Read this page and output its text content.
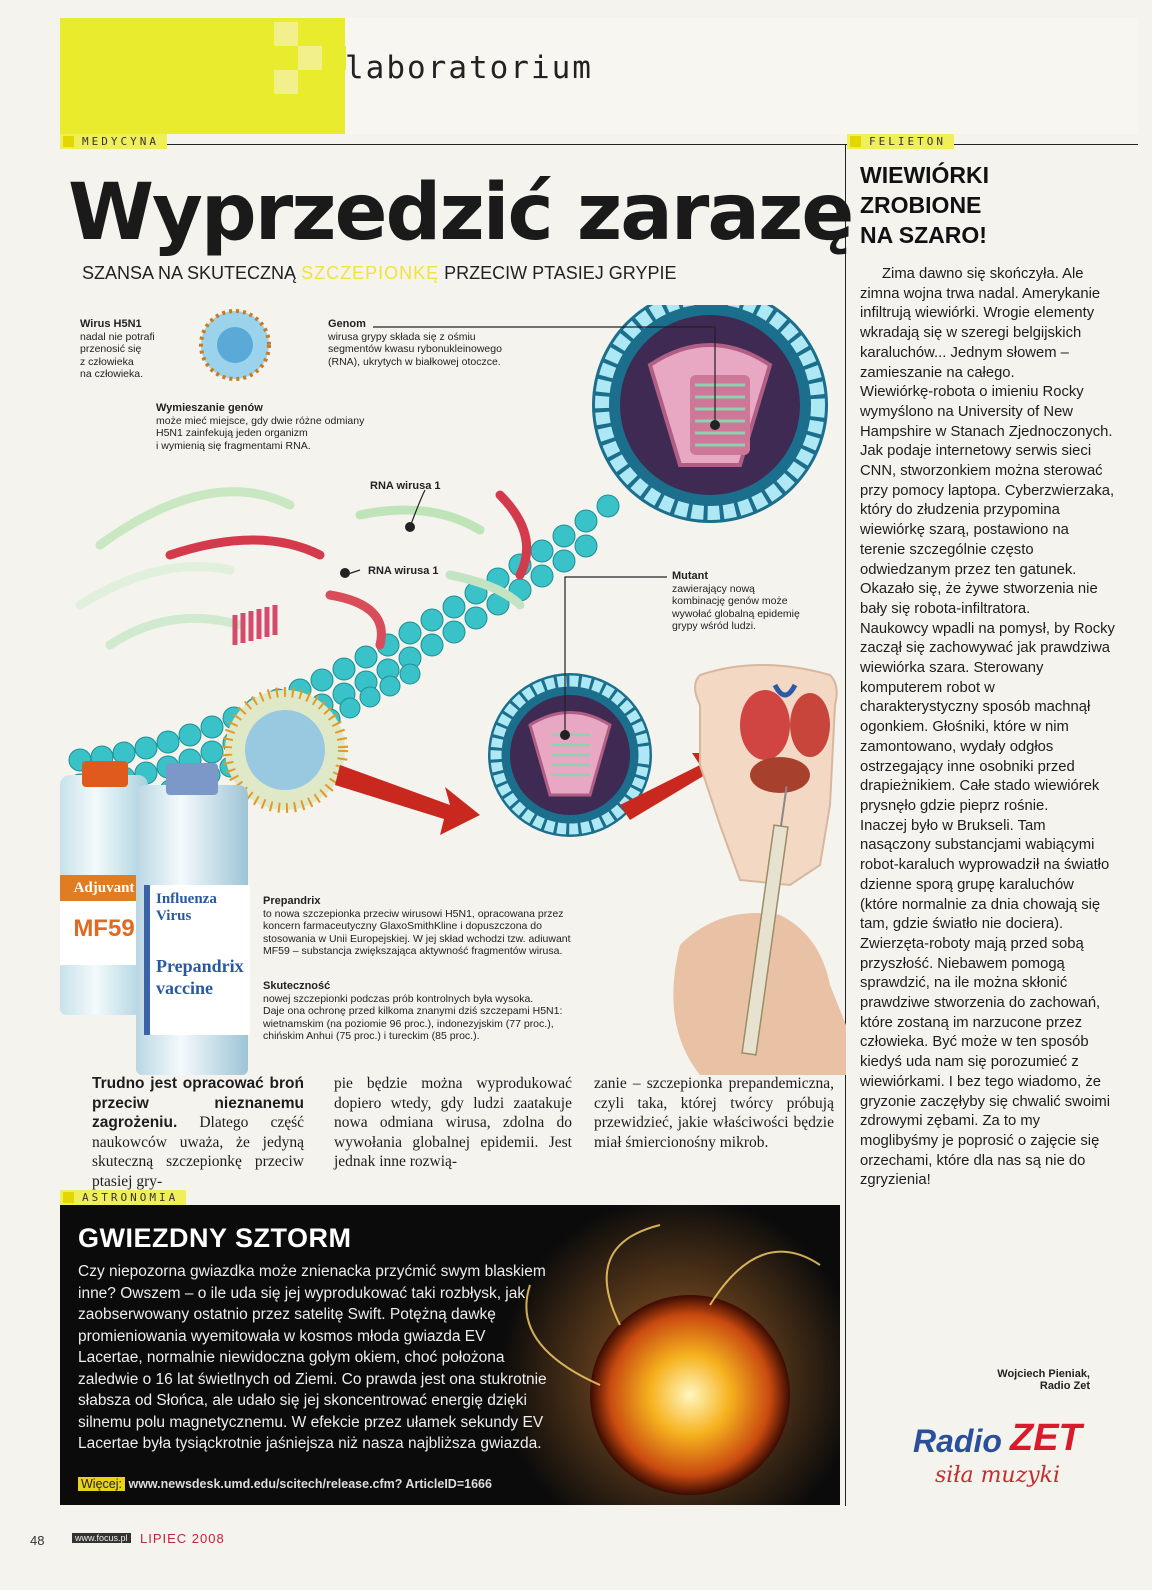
laboratorium
MEDYCYNA
Wyprzedzić zarazę
SZANSA NA SKUTECZNĄ SZCZEPIONKĘ PRZECIW PTASIEJ GRYPIE
Adjuvant
MF59
Influenza
Virus
Prepandrix
vaccine
Wirus H5N1
nadal nie potrafi
przenosić się
z człowieka
na człowieka.
Genom
wirusa grypy składa się z ośmiu
segmentów kwasu rybonukleinowego
(RNA), ukrytych w białkowej otoczce.
Wymieszanie genów
może mieć miejsce, gdy dwie różne odmiany
H5N1 zainfekują jeden organizm
i wymienią się fragmentami RNA.
RNA wirusa 1
RNA wirusa 1	Mutant
zawierający nową
kombinację genów może
wywołać globalną epidemię
grypy wśród ludzi.
Prepandrix
to nowa szczepionka przeciw wirusowi H5N1, opracowana przez
koncern farmaceutyczny GlaxoSmithKline i dopuszczona do
stosowania w Unii Europejskiej. W jej skład wchodzi tzw. adiuwant
MF59 – substancja zwiększająca aktywność fragmentów wirusa.
Skuteczność
nowej szczepionki podczas prób kontrolnych była wysoka.
Daje ona ochronę przed kilkoma znanymi dziś szczepami H5N1:
wietnamskim (na poziomie 96 proc.), indonezyjskim (77 proc.),
chińskim Anhui (75 proc.) i tureckim (85 proc.).
Trudno jest opracować broń przeciw nieznanemu zagrożeniu. Dlatego część naukowców uważa, że jedyną skuteczną szczepionkę przeciw ptasiej gry-
pie będzie można wyprodukować dopiero wtedy, gdy ludzi zaatakuje nowa odmiana wirusa, zdolna do wywołania globalnej epidemii. Jest jednak inne rozwią-
zanie – szczepionka prepandemiczna, czyli taka, której twórcy próbują przewidzieć, jakie właściwości będzie miał śmiercionośny mikrob.
ASTRONOMIA
GWIEZDNY SZTORM
Czy niepozorna gwiazdka może znienacka przyćmić swym blaskiem inne? Owszem – o ile uda się jej wyprodukować taki rozbłysk, jak zaobserwowany ostatnio przez satelitę Swift. Potężną dawkę promieniowania wyemitowała w kosmos młoda gwiazda EV Lacertae, normalnie niewidoczna gołym okiem, choć położona zaledwie o 16 lat świetlnych od Ziemi. Co prawda jest ona stukrotnie słabsza od Słońca, ale udało się jej skoncentrować energię dzięki silnemu polu magnetycznemu. W efekcie przez ułamek sekundy EV Lacertae była tysiąckrotnie jaśniejsza niż nasza najbliższa gwiazda.
Więcej: www.newsdesk.umd.edu/scitech/release.cfm? ArticleID=1666
FELIETON
WIEWIÓRKI
ZROBIONE
NA SZARO!

Zima dawno się skończyła. Ale zimna wojna trwa nadal. Amerykanie infiltrują wiewiórki. Wrogie elementy wkradają się w szeregi belgijskich karaluchów... Jednym słowem – zamieszanie na całego.

Wiewiórkę-robota o imieniu Rocky wymyślono na University of New Hampshire w Stanach Zjednoczonych. Jak podaje internetowy serwis sieci CNN, stworzonkiem można sterować przy pomocy laptopa. Cyberzwierzaka, który do złudzenia przypomina wiewiórkę szarą, postawiono na terenie szczególnie często odwiedzanym przez ten gatunek. Okazało się, że żywe stworzenia nie bały się robota-infiltratora.

Naukowcy wpadli na pomysł, by Rocky zaczął się zachowywać jak prawdziwa wiewiórka szara. Sterowany komputerem robot w charakterystyczny sposób machnął ogonkiem. Głośniki, które w nim zamontowano, wydały odgłos ostrzegający inne osobniki przed drapieżnikiem. Całe stado wiewiórek prysnęło gdzie pieprz rośnie.

Inaczej było w Brukseli. Tam nasączony substancjami wabiącymi robot-karaluch wyprowadził na światło dzienne sporą grupę karaluchów (które normalnie za dnia chowają się tam, gdzie światło nie dociera).

Zwierzęta-roboty mają przed sobą przyszłość. Niebawem pomogą sprawdzić, na ile można skłonić prawdziwe stworzenia do zachowań, które zostaną im narzucone przez człowieka. Być może w ten sposób kiedyś uda nam się porozumieć z wiewiórkami. I bez tego wiadomo, że gryzonie zaczęłyby się chwalić swoimi zdrowymi zębami. Za to my moglibyśmy je poprosić o zajęcie się orzechami, które dla nas są nie do zgryzienia!

Wojciech Pieniak,
Radio Zet
Radio ZET
siła muzyki
48	www.focus.pl LIPIEC 2008
